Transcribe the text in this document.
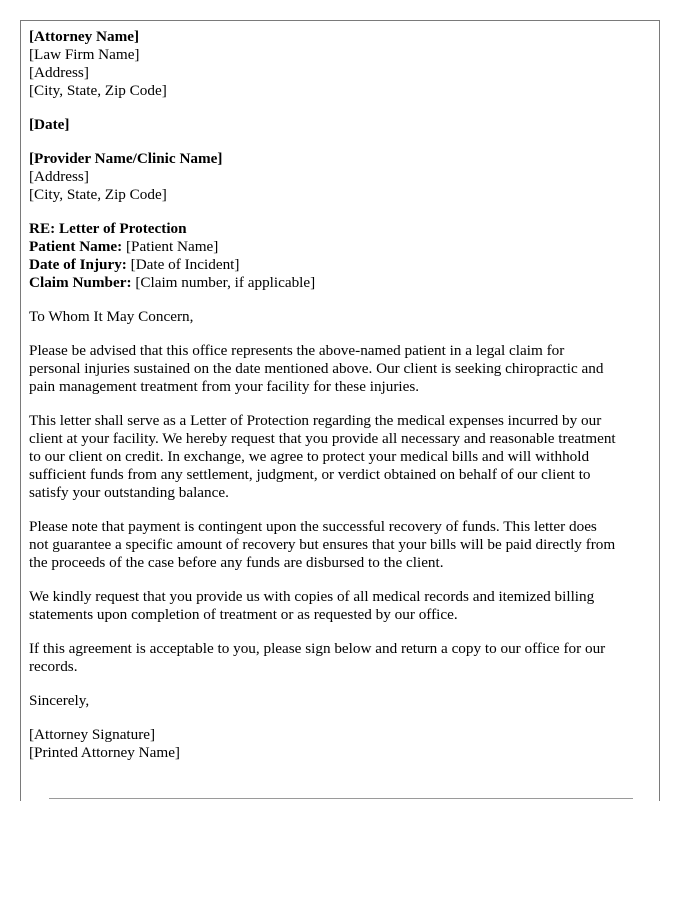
[Attorney Name]
[Law Firm Name]
[Address]
[City, State, Zip Code]
[Date]
[Provider Name/Clinic Name]
[Address]
[City, State, Zip Code]
RE: Letter of Protection
Patient Name: [Patient Name]
Date of Injury: [Date of Incident]
Claim Number: [Claim number, if applicable]

To Whom It May Concern,

Please be advised that this office represents the above-named patient in a legal claim for personal injuries sustained on the date mentioned above. Our client is seeking chiropractic and pain management treatment from your facility for these injuries.

This letter shall serve as a Letter of Protection regarding the medical expenses incurred by our client at your facility. We hereby request that you provide all necessary and reasonable treatment to our client on credit. In exchange, we agree to protect your medical bills and will withhold sufficient funds from any settlement, judgment, or verdict obtained on behalf of our client to satisfy your outstanding balance.

Please note that payment is contingent upon the successful recovery of funds. This letter does not guarantee a specific amount of recovery but ensures that your bills will be paid directly from the proceeds of the case before any funds are disbursed to the client.

We kindly request that you provide us with copies of all medical records and itemized billing statements upon completion of treatment or as requested by our office.

If this agreement is acceptable to you, please sign below and return a copy to our office for our records.

Sincerely,

[Attorney Signature]
[Printed Attorney Name]
